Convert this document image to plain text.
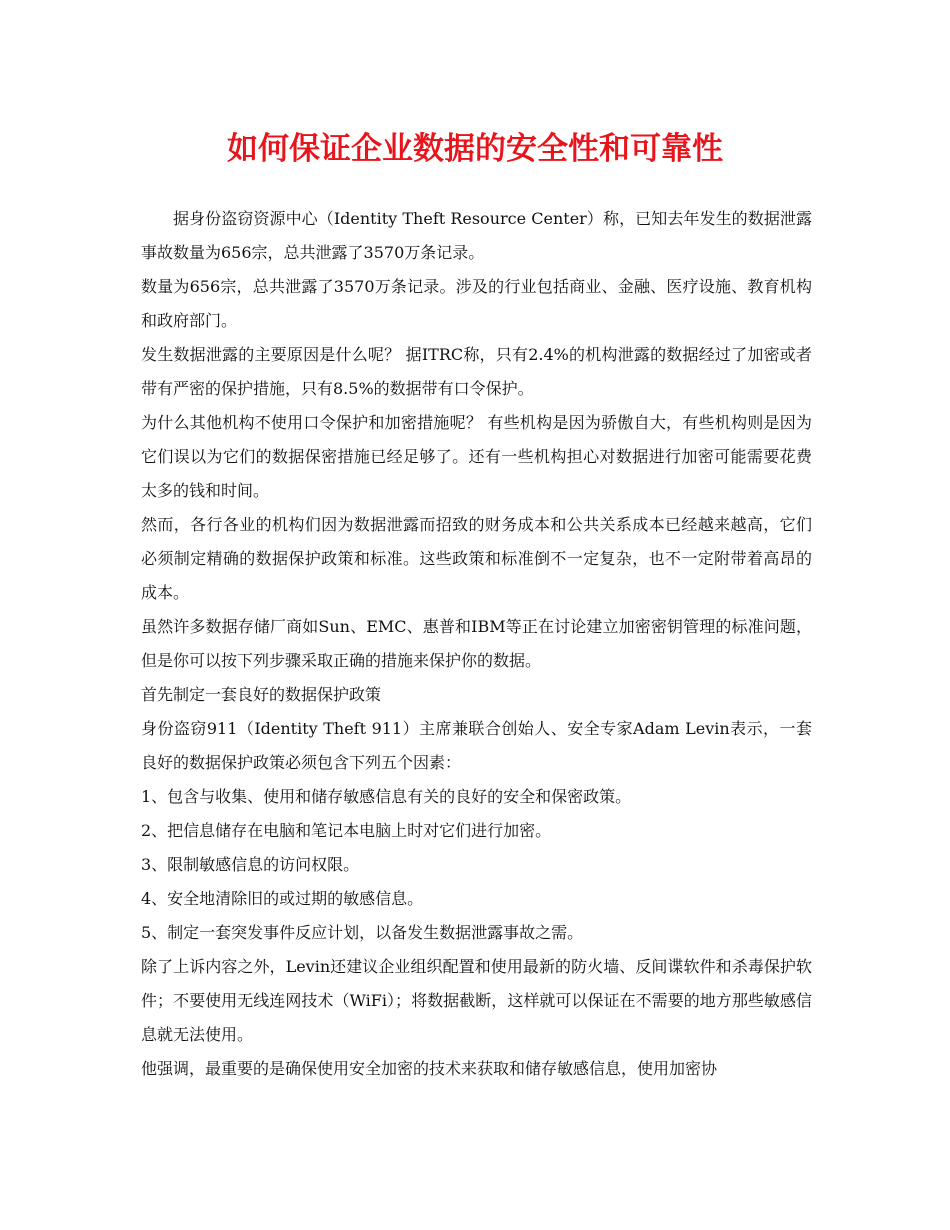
如何保证企业数据的安全性和可靠性

据身份盗窃资源中心（Identity Theft Resource Center）称，已知去年发生的数据泄露事故数量为656宗，总共泄露了3570万条记录。

数量为656宗，总共泄露了3570万条记录。涉及的行业包括商业、金融、医疗设施、教育机构和政府部门。

发生数据泄露的主要原因是什么呢？ 据ITRC称，只有2.4%的机构泄露的数据经过了加密或者带有严密的保护措施，只有8.5%的数据带有口令保护。

为什么其他机构不使用口令保护和加密措施呢？ 有些机构是因为骄傲自大，有些机构则是因为它们误以为它们的数据保密措施已经足够了。还有一些机构担心对数据进行加密可能需要花费太多的钱和时间。

然而，各行各业的机构们因为数据泄露而招致的财务成本和公共关系成本已经越来越高，它们必须制定精确的数据保护政策和标准。这些政策和标准倒不一定复杂，也不一定附带着高昂的成本。

虽然许多数据存储厂商如Sun、EMC、惠普和IBM等正在讨论建立加密密钥管理的标准问题，但是你可以按下列步骤采取正确的措施来保护你的数据。

首先制定一套良好的数据保护政策

身份盗窃911（Identity Theft 911）主席兼联合创始人、安全专家Adam Levin表示，一套良好的数据保护政策必须包含下列五个因素：

1、包含与收集、使用和储存敏感信息有关的良好的安全和保密政策。

2、把信息储存在电脑和笔记本电脑上时对它们进行加密。

3、限制敏感信息的访问权限。

4、安全地清除旧的或过期的敏感信息。

5、制定一套突发事件反应计划，以备发生数据泄露事故之需。

除了上诉内容之外，Levin还建议企业组织配置和使用最新的防火墙、反间谍软件和杀毒保护软件；不要使用无线连网技术（WiFi）；将数据截断，这样就可以保证在不需要的地方那些敏感信息就无法使用。

他强调，最重要的是确保使用安全加密的技术来获取和储存敏感信息，使用加密协
